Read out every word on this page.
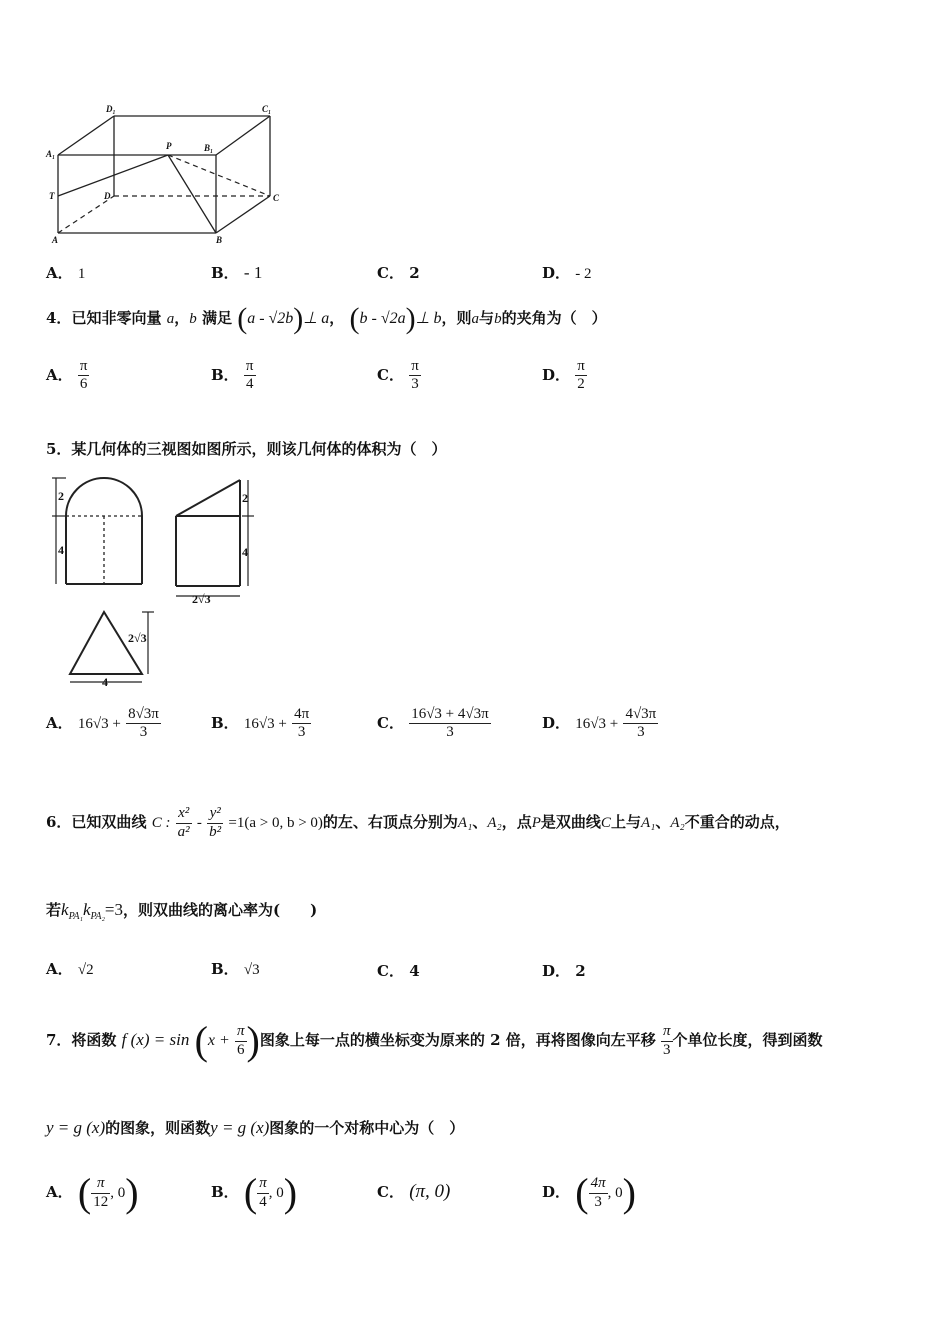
D₁	C₁
A₁
P	B₁
T	D	C
A	B
A． 1	B． - 1	C． 2	D． - 2
4．已知非零向量 a，b 满足 (a - √2b)⊥ a， (b - √2a)⊥ b，则a与b的夹角为（　）
A． $\frac{\pi}{6}$	B． $\frac{\pi}{4}$	C． $\frac{\pi}{3}$	D． $\frac{\pi}{2}$
5．某几何体的三视图如图所示，则该几何体的体积为（　）
2
4
2
4
2√3
2√3
4
A． $16√3 + \frac{8√3\pi}{3}$	B． $16√3 + \frac{4\pi}{3}$	C． $\frac{16√3 + 4√3\pi}{3}$	D． $16√3 + \frac{4√3\pi}{3}$
6．已知双曲线 C : $\frac{\text{x²}}{\text{a²}} - \frac{\text{y²}}{\text{b²}} =1(a > 0$, b > 0)的左、右顶点分别为A₁、A₂，点P是双曲线C上与A₁、A₂不重合的动点，
若$k_{PA_1}k_{PA_2}=3$，则双曲线的离心率为(　　)
A． √2	B． √3	C． 4	D． 2
7．将函数 f $(x) = \sin (x + \frac{\pi}{6}$ )图象上每一点的横坐标变为原来的 2 倍，再将图像向左平移 $\frac{\pi}{3}$ 个单位长度，得到函数
y = g (x)的图象，则函数y = g (x)图象的一个对称中心为（　）
A． ( $\frac{\pi}{12}$ , 0)	B． ( $\frac{\pi}{4}$ , 0)	C． (π, 0)	D． ( $\frac{4\pi}{3}$ , 0)
